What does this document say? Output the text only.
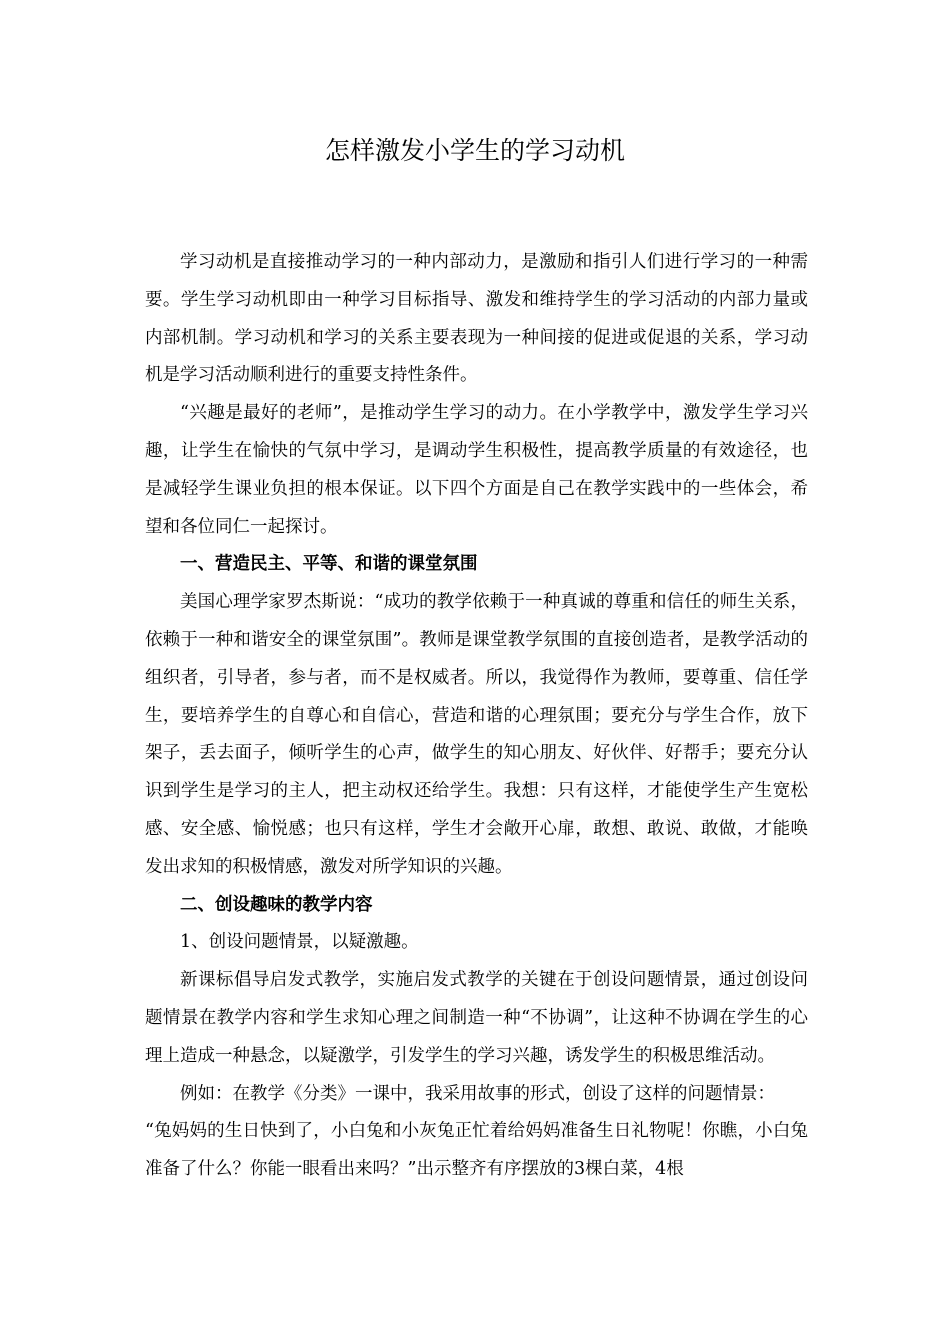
怎样激发小学生的学习动机

学习动机是直接推动学习的一种内部动力，是激励和指引人们进行学习的一种需要。学生学习动机即由一种学习目标指导、激发和维持学生的学习活动的内部力量或内部机制。学习动机和学习的关系主要表现为一种间接的促进或促退的关系，学习动机是学习活动顺利进行的重要支持性条件。

“兴趣是最好的老师”，是推动学生学习的动力。在小学教学中，激发学生学习兴趣，让学生在愉快的气氛中学习，是调动学生积极性，提高教学质量的有效途径，也是减轻学生课业负担的根本保证。以下四个方面是自己在教学实践中的一些体会，希望和各位同仁一起探讨。

一、营造民主、平等、和谐的课堂氛围

美国心理学家罗杰斯说：“成功的教学依赖于一种真诚的尊重和信任的师生关系，依赖于一种和谐安全的课堂氛围”。教师是课堂教学氛围的直接创造者，是教学活动的组织者，引导者，参与者，而不是权威者。所以，我觉得作为教师，要尊重、信任学生，要培养学生的自尊心和自信心，营造和谐的心理氛围；要充分与学生合作，放下架子，丢去面子，倾听学生的心声，做学生的知心朋友、好伙伴、好帮手；要充分认识到学生是学习的主人，把主动权还给学生。我想：只有这样，才能使学生产生宽松感、安全感、愉悦感；也只有这样，学生才会敞开心扉，敢想、敢说、敢做，才能唤发出求知的积极情感，激发对所学知识的兴趣。

二、创设趣味的教学内容

1、创设问题情景，以疑激趣。

新课标倡导启发式教学，实施启发式教学的关键在于创设问题情景，通过创设问题情景在教学内容和学生求知心理之间制造一种“不协调”，让这种不协调在学生的心理上造成一种悬念，以疑激学，引发学生的学习兴趣，诱发学生的积极思维活动。

例如：在教学《分类》一课中，我采用故事的形式，创设了这样的问题情景：

“兔妈妈的生日快到了，小白兔和小灰兔正忙着给妈妈准备生日礼物呢！你瞧，小白兔准备了什么？你能一眼看出来吗？”出示整齐有序摆放的3棵白菜，4根
